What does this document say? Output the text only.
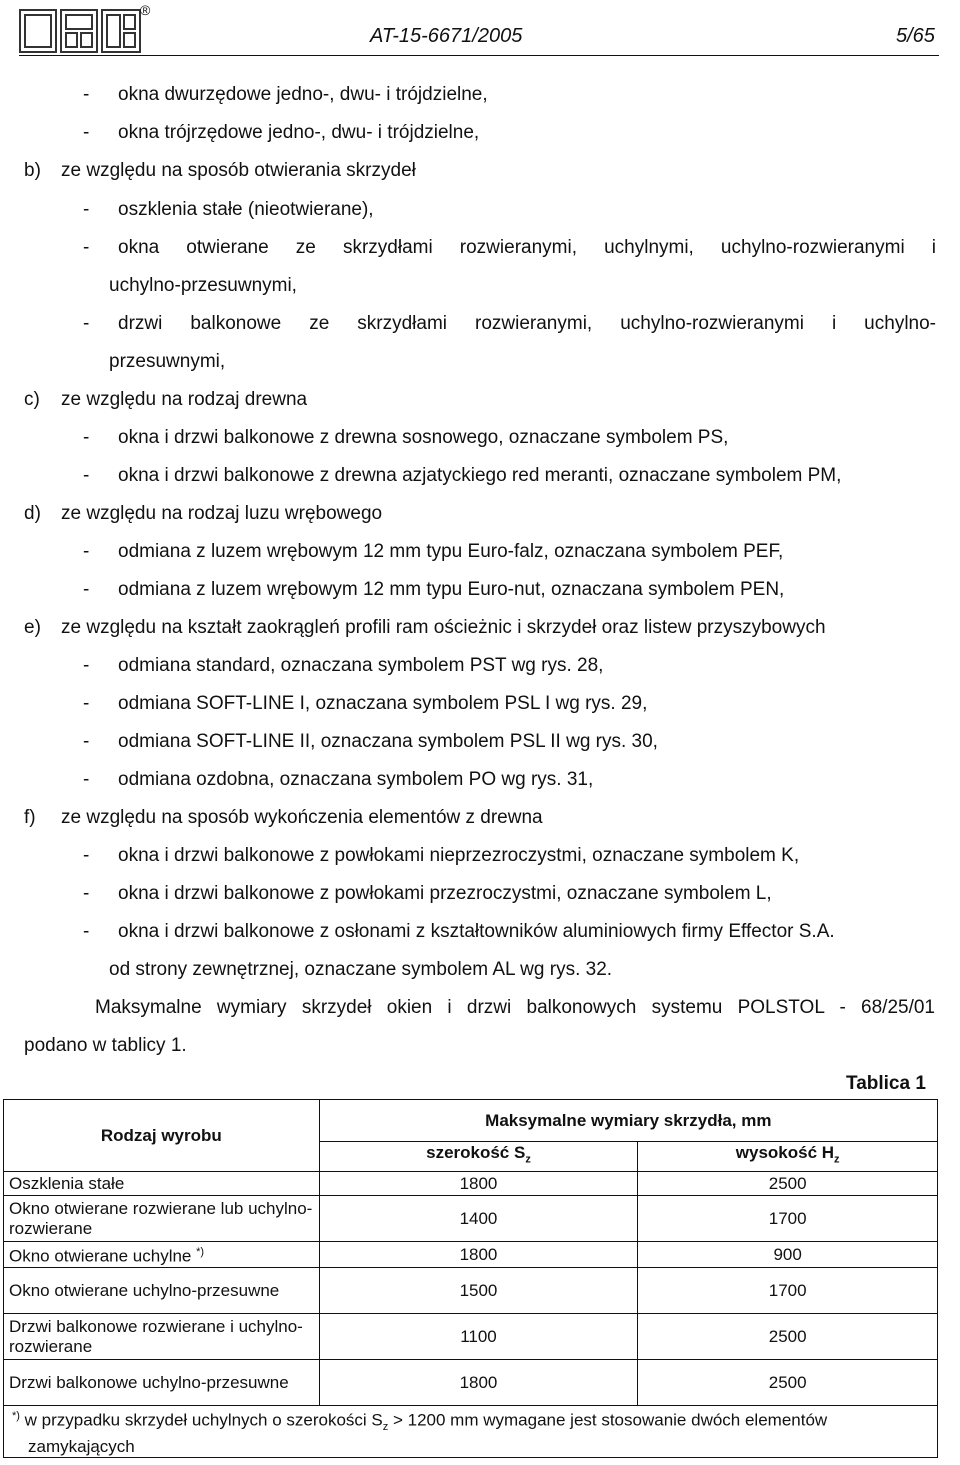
®
AT-15-6671/2005	5/65
- okna dwurzędowe jedno-, dwu- i trójdzielne,
- okna trójrzędowe jedno-, dwu- i trójdzielne,
b) ze względu na sposób otwierania skrzydeł
- oszklenia stałe (nieotwierane),
- okna otwierane ze skrzydłami rozwieranymi, uchylnymi, uchylno-rozwieranymi i
uchylno-przesuwnymi,
- drzwi balkonowe ze skrzydłami rozwieranymi, uchylno-rozwieranymi i uchylno-
przesuwnymi,
c) ze względu na rodzaj drewna
- okna i drzwi balkonowe z drewna sosnowego, oznaczane symbolem PS,
- okna i drzwi balkonowe z drewna azjatyckiego red meranti, oznaczane symbolem PM,
d) ze względu na rodzaj luzu wrębowego
- odmiana z luzem wrębowym 12 mm typu Euro-falz, oznaczana symbolem PEF,
- odmiana z luzem wrębowym 12 mm typu Euro-nut, oznaczana symbolem PEN,
e) ze względu na kształt zaokrągleń profili ram ościeżnic i skrzydeł oraz listew przyszybowych
- odmiana standard, oznaczana symbolem PST wg rys. 28,
- odmiana SOFT-LINE I, oznaczana symbolem PSL I wg rys. 29,
- odmiana SOFT-LINE II, oznaczana symbolem PSL II wg rys. 30,
- odmiana ozdobna, oznaczana symbolem PO wg rys. 31,
f) ze względu na sposób wykończenia elementów z drewna
- okna i drzwi balkonowe z powłokami nieprzezroczystmi, oznaczane symbolem K,
- okna i drzwi balkonowe z powłokami przezroczystmi, oznaczane symbolem L,
- okna i drzwi balkonowe z osłonami z kształtowników aluminiowych firmy Effector S.A.
od strony zewnętrznej, oznaczane symbolem AL wg rys. 32.
Maksymalne wymiary skrzydeł okien i drzwi balkonowych systemu POLSTOL - 68/25/01
podano w tablicy 1.
Tablica 1
Rodzaj wyrobu	Maksymalne wymiary skrzydła, mm	
	szerokość $S_z$	wysokość $H_z$
Oszklenia stałe	1800	2500
Okno otwierane rozwierane lub uchylno-rozwierane	1400	1700
Okno otwierane uchylne *)	1800	900
Okno otwierane uchylno-przesuwne	1500	1700
Drzwi balkonowe rozwierane i uchylno-rozwierane	1100	2500
Drzwi balkonowe uchylno-przesuwne	1800	2500
*) w przypadku skrzydeł uchylnych o szerokości $S_z > 1200$ mm wymagane jest stosowanie dwóch elementów
zamykających		
